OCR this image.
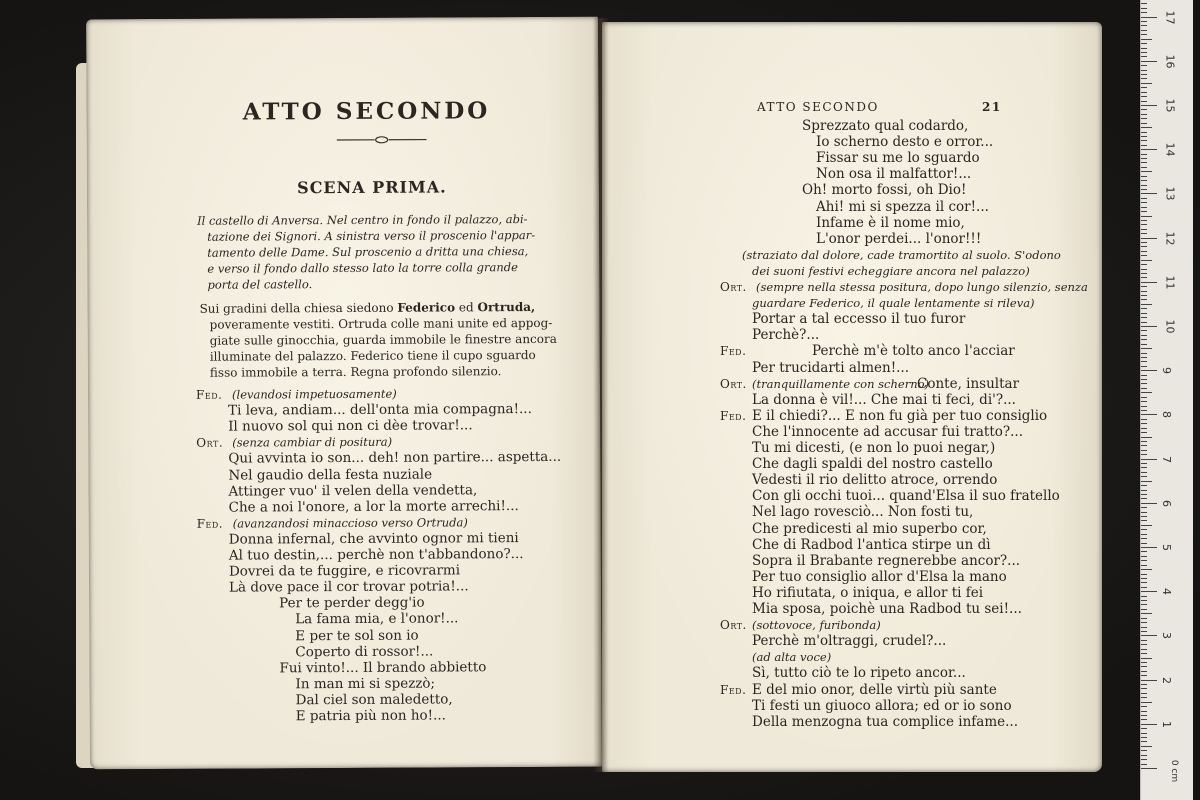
ATTO SECONDO
SCENA PRIMA.
Il castello di Anversa. Nel centro in fondo il palazzo, abi-
tazione dei Signori. A sinistra verso il proscenio l'appar-
tamento delle Dame. Sul proscenio a dritta una chiesa,
e verso il fondo dallo stesso lato la torre colla grande
porta del castello.
Sui gradini della chiesa siedono Federico ed Ortruda,
poveramente vestiti. Ortruda colle mani unite ed appog-
giate sulle ginocchia, guarda immobile le finestre ancora
illuminate del palazzo. Federico tiene il cupo sguardo
fisso immobile a terra. Regna profondo silenzio.
Fed. (levandosi impetuosamente)
Ti leva, andiam... dell'onta mia compagna!...
Il nuovo sol qui non ci dèe trovar!...
Ort. (senza cambiar di positura)
Qui avvinta io son... deh! non partire... aspetta...
Nel gaudio della festa nuziale
Attinger vuo' il velen della vendetta,
Che a noi l'onore, a lor la morte arrechi!...
Fed. (avanzandosi minaccioso verso Ortruda)
Donna infernal, che avvinto ognor mi tieni
Al tuo destin,... perchè non t'abbandono?...
Dovrei da te fuggire, e ricovrarmi
Là dove pace il cor trovar potria!...
Per te perder degg'io
La fama mia, e l'onor!...
E per te sol son io
Coperto di rossor!...
Fui vinto!... Il brando abbietto
In man mi si spezzò;
Dal ciel son maledetto,
E patria più non ho!...
ATTO SECONDO	21
Sprezzato qual codardo,
Io scherno desto e orror...
Fissar su me lo sguardo
Non osa il malfattor!...
Oh! morto fossi, oh Dio!
Ahi! mi si spezza il cor!...
Infame è il nome mio,
L'onor perdei... l'onor!!!
(straziato dal dolore, cade tramortito al suolo. S'odono
dei suoni festivi echeggiare ancora nel palazzo)
Ort. (sempre nella stessa positura, dopo lungo silenzio, senza
guardare Federico, il quale lentamente si rileva)
Portar a tal eccesso il tuo furor
Perchè?...
Fed.	Perchè m'è tolto anco l'acciar
Per trucidarti almen!...
Ort. (tranquillamente con scherno)
Conte, insultar
La donna è vil!... Che mai ti feci, di'?...
Fed. E il chiedi?... E non fu già per tuo consiglio
Che l'innocente ad accusar fui tratto?...
Tu mi dicesti, (e non lo puoi negar,)
Che dagli spaldi del nostro castello
Vedesti il rio delitto atroce, orrendo
Con gli occhi tuoi... quand'Elsa il suo fratello
Nel lago rovesciò... Non fosti tu,
Che predicesti al mio superbo cor,
Che di Radbod l'antica stirpe un dì
Sopra il Brabante regnerebbe ancor?...
Per tuo consiglio allor d'Elsa la mano
Ho rifiutata, o iniqua, e allor ti fei
Mia sposa, poichè una Radbod tu sei!...
Ort. (sottovoce, furibonda)
Perchè m'oltraggi, crudel?...
(ad alta voce)
Sì, tutto ciò te lo ripeto ancor...
Fed. E del mio onor, delle virtù più sante
Ti festi un giuoco allora; ed or io sono
Della menzogna tua complice infame...
0 cm
1
2
3
4
5
6
7
8
9
10
11
12
13
14
15
16
17
